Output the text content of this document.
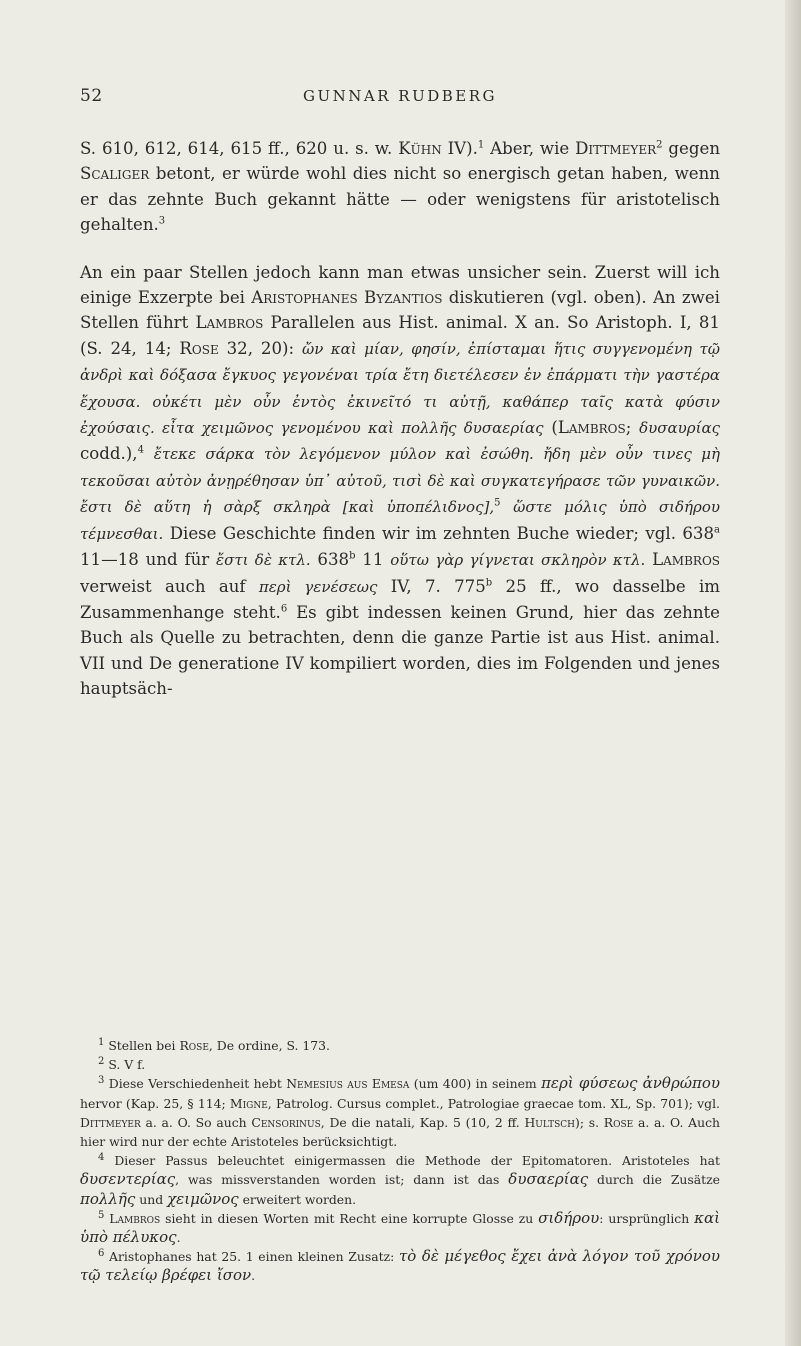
52	GUNNAR RUDBERG

S. 610, 612, 614, 615 ff., 620 u. s. w. Kühn IV).$^1$ Aber, wie Dittmeyer$^2$ gegen Scaliger betont, er würde wohl dies nicht so energisch getan haben, wenn er das zehnte Buch gekannt hätte — oder wenigstens für aristotelisch gehalten.$^3$

An ein paar Stellen jedoch kann man etwas unsicher sein. Zuerst will ich einige Exzerpte bei Aristophanes Byzantios diskutieren (vgl. oben). An zwei Stellen führt Lambros Parallelen aus Hist. animal. X an. So Aristoph. I, 81 (S. 24, 14; Rose 32, 20): ὤν καὶ μίαν, φησίν, ἐπίσταμαι ἥτις συγγενομένη τῷ ἀνδρὶ καὶ δόξασα ἔγκυος γεγονέναι τρία ἔτη διετέλεσεν ἐν ἐπάρματι τὴν γαστέρα ἔχουσα. οὐκέτι μὲν οὖν ἐντὸς ἐκινεῖτό τι αὐτῇ, καθάπερ ταῖς κατὰ φύσιν ἐχούσαις. εἶτα χειμῶνος γενομένου καὶ πολλῆς δυσαερίας (Lambros; δυσαυρίας codd.),$^4$ ἔτεκε σάρκα τὸν λεγόμενον μύλον καὶ ἐσώθη. ἤδη μὲν οὖν τινες μὴ τεκοῦσαι αὐτὸν ἀνῃρέθησαν ὑπ᾽ αὐτοῦ, τισὶ δὲ καὶ συγκατεγήρασε τῶν γυναικῶν. ἔστι δὲ αὕτη ἡ σὰρξ σκληρὰ [καὶ ὑποπέλιδνος],$^5$ ὥστε μόλις ὑπὸ σιδήρου τέμνεσθαι. Diese Geschichte finden wir im zehnten Buche wieder; vgl. 638$^a$ 11—18 und für ἔστι δὲ κτλ. 638$^b$ 11 οὕτω γὰρ γίγνεται σκληρὸν κτλ. Lambros verweist auch auf περὶ γενέσεως IV, 7. 775$^b$ 25 ff., wo dasselbe im Zusammenhange steht.$^6$ Es gibt indessen keinen Grund, hier das zehnte Buch als Quelle zu betrachten, denn die ganze Partie ist aus Hist. animal. VII und De generatione IV kompiliert worden, dies im Folgenden und jenes hauptsäch-

$^1$ Stellen bei Rose, De ordine, S. 173.

$^2$ S. V f.

$^3$ Diese Verschiedenheit hebt Nemesius aus Emesa (um 400) in seinem περὶ φύσεως ἀνθρώπου hervor (Kap. 25, § 114; Migne, Patrolog. Cursus complet., Patrologiae graecae tom. XL, Sp. 701); vgl. Dittmeyer a. a. O. So auch Censorinus, De die natali, Kap. 5 (10, 2 ff. Hultsch); s. Rose a. a. O. Auch hier wird nur der echte Aristoteles berücksichtigt.

$^4$ Dieser Passus beleuchtet einigermassen die Methode der Epitomatoren. Aristoteles hat δυσεντερίας, was missverstanden worden ist; dann ist das δυσαερίας durch die Zusätze πολλῆς und χειμῶνος erweitert worden.

$^5$ Lambros sieht in diesen Worten mit Recht eine korrupte Glosse zu σιδήρου: ursprünglich καὶ ὑπὸ πέλυκος.

$^6$ Aristophanes hat 25. 1 einen kleinen Zusatz: τὸ δὲ μέγεθος ἔχει ἀνὰ λόγον τοῦ χρόνου τῷ τελείῳ βρέφει ἴσον.
